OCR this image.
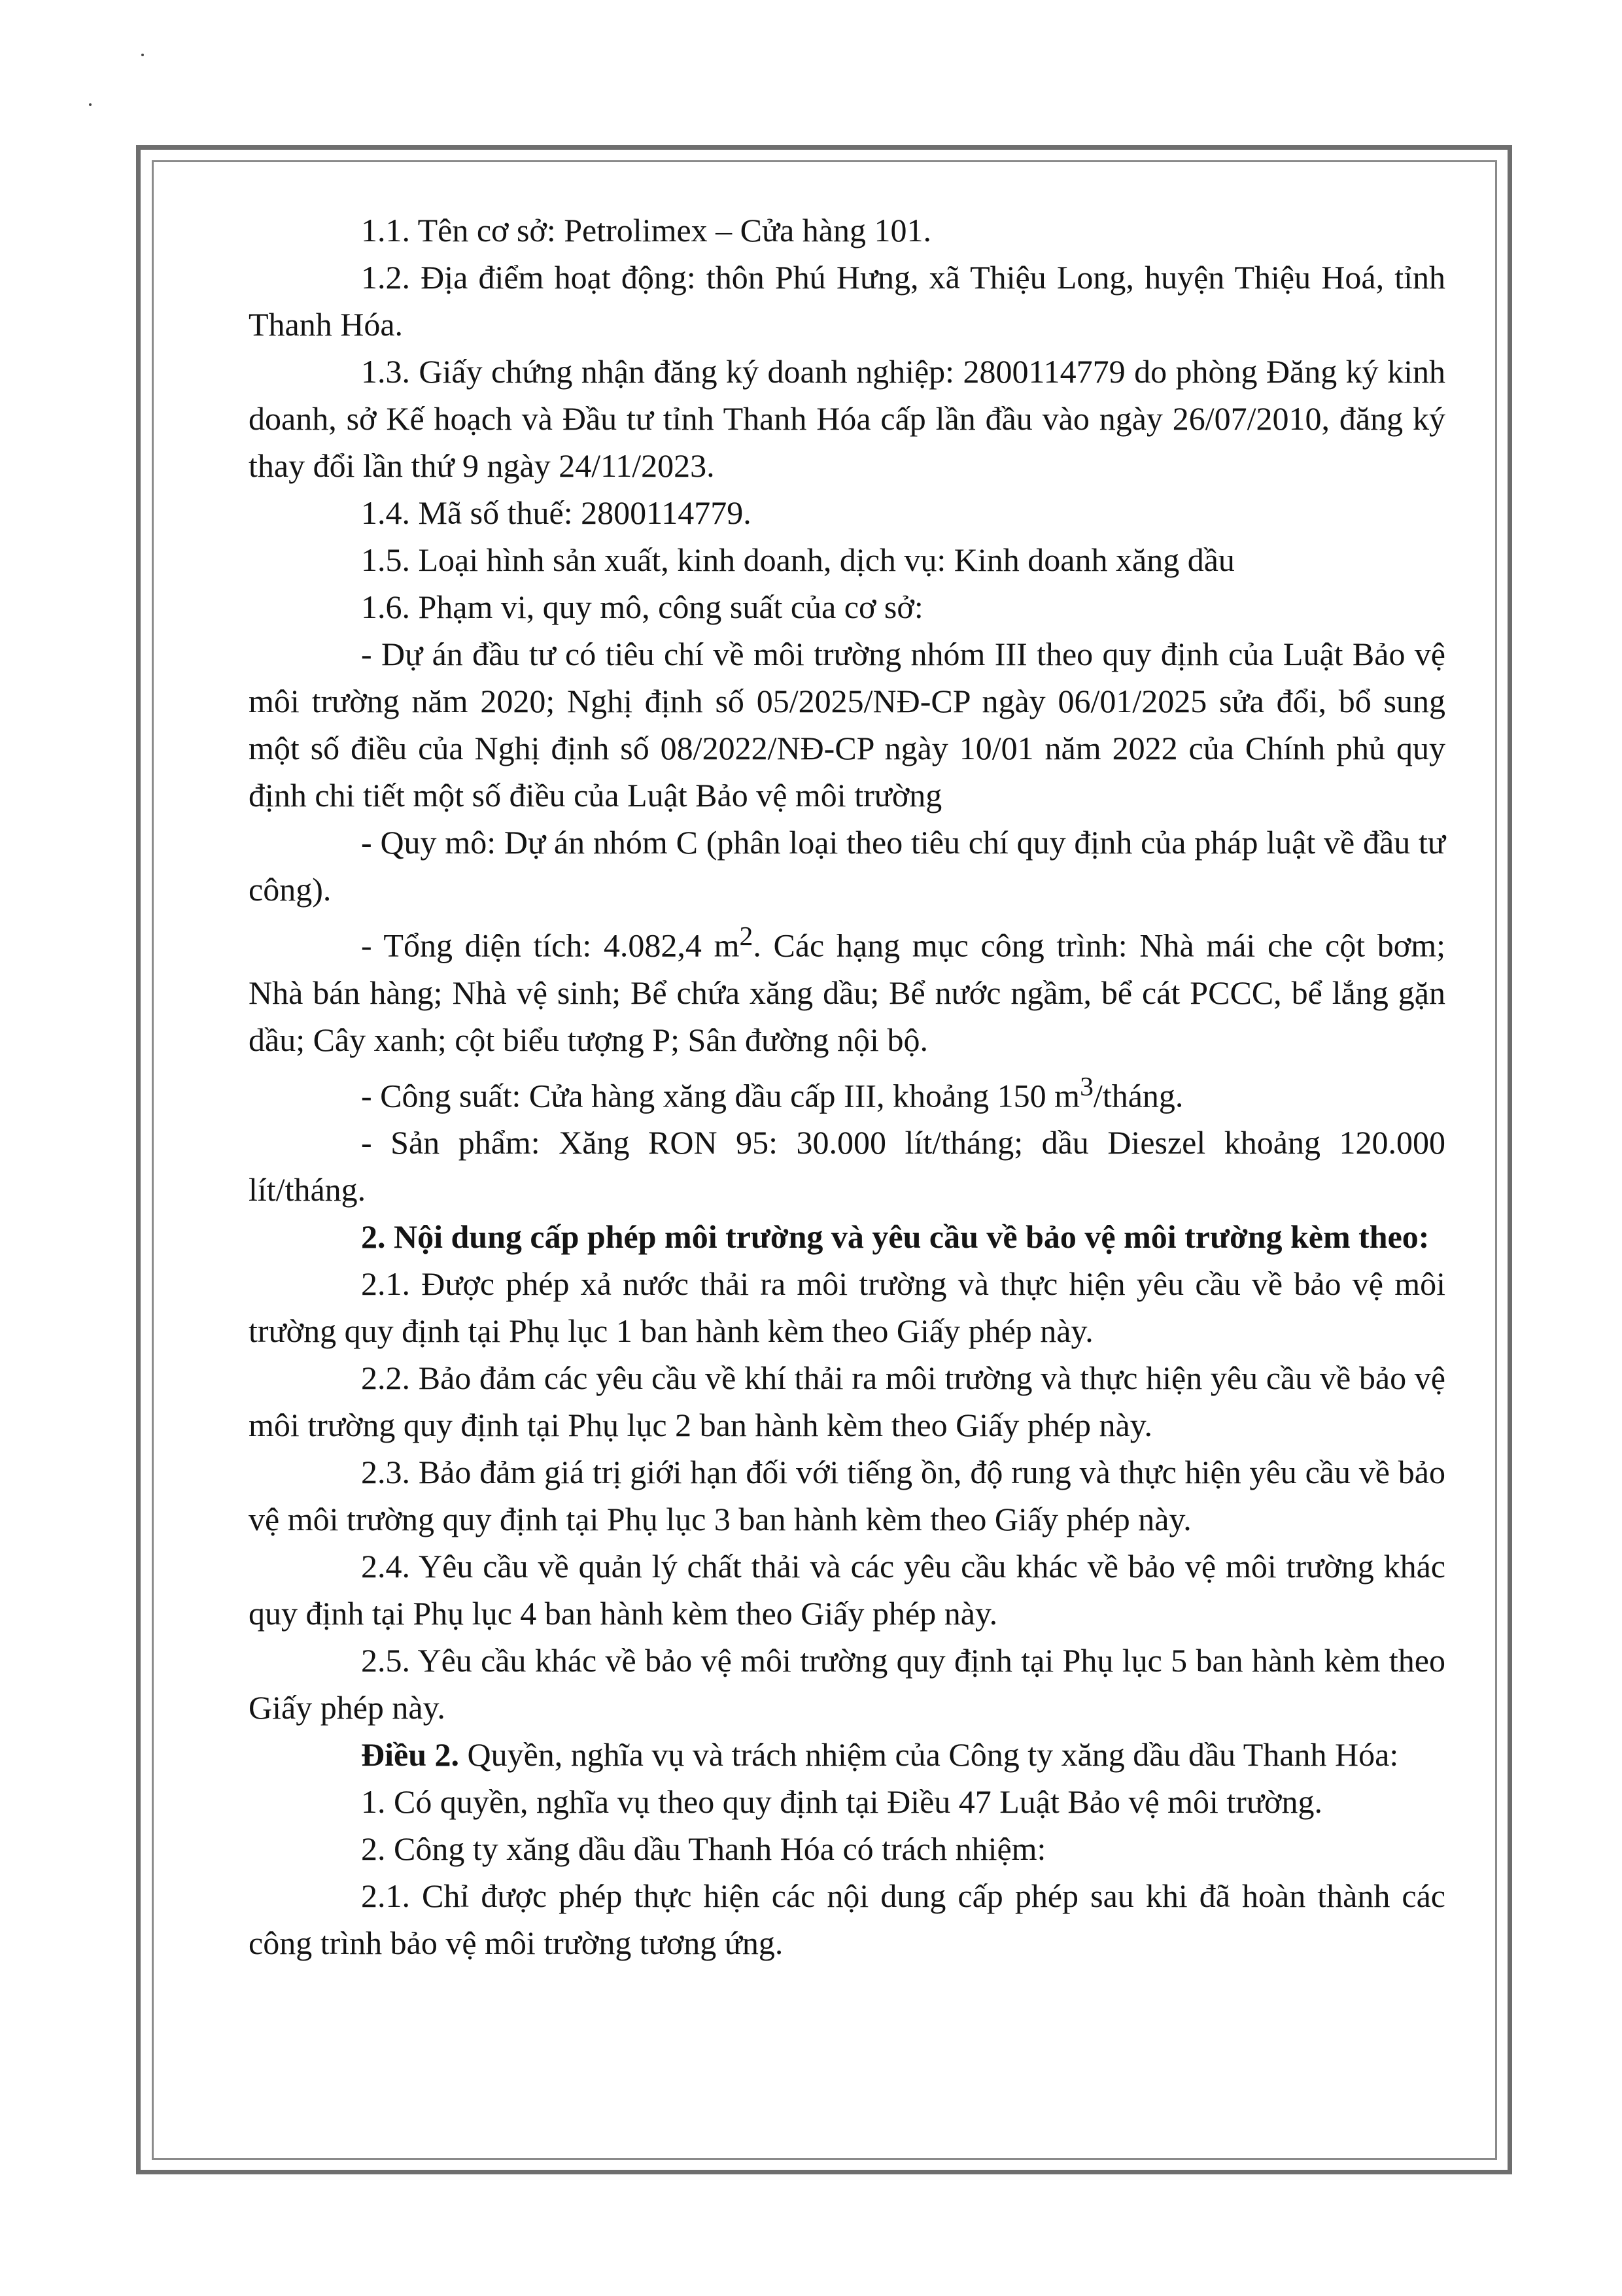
1.1. Tên cơ sở: Petrolimex – Cửa hàng 101.

1.2. Địa điểm hoạt động: thôn Phú Hưng, xã Thiệu Long, huyện Thiệu Hoá, tỉnh Thanh Hóa.

1.3. Giấy chứng nhận đăng ký doanh nghiệp: 2800114779 do phòng Đăng ký kinh doanh, sở Kế hoạch và Đầu tư tỉnh Thanh Hóa cấp lần đầu vào ngày 26/07/2010, đăng ký thay đổi lần thứ 9 ngày 24/11/2023.

1.4. Mã số thuế: 2800114779.

1.5. Loại hình sản xuất, kinh doanh, dịch vụ: Kinh doanh xăng dầu

1.6. Phạm vi, quy mô, công suất của cơ sở:

- Dự án đầu tư có tiêu chí về môi trường nhóm III theo quy định của Luật Bảo vệ môi trường năm 2020; Nghị định số 05/2025/NĐ-CP ngày 06/01/2025 sửa đổi, bổ sung một số điều của Nghị định số 08/2022/NĐ-CP ngày 10/01 năm 2022 của Chính phủ quy định chi tiết một số điều của Luật Bảo vệ môi trường

- Quy mô: Dự án nhóm C (phân loại theo tiêu chí quy định của pháp luật về đầu tư công).

- Tổng diện tích: 4.082,4 $m^2$. Các hạng mục công trình: Nhà mái che cột bơm; Nhà bán hàng; Nhà vệ sinh; Bể chứa xăng dầu; Bể nước ngầm, bể cát PCCC, bể lắng gặn dầu; Cây xanh; cột biểu tượng P; Sân đường nội bộ.

- Công suất: Cửa hàng xăng dầu cấp III, khoảng 150 $m^3$/tháng.

- Sản phẩm: Xăng RON 95: 30.000 lít/tháng; dầu Dieszel khoảng 120.000 lít/tháng.

2. Nội dung cấp phép môi trường và yêu cầu về bảo vệ môi trường kèm theo:

2.1. Được phép xả nước thải ra môi trường và thực hiện yêu cầu về bảo vệ môi trường quy định tại Phụ lục 1 ban hành kèm theo Giấy phép này.

2.2. Bảo đảm các yêu cầu về khí thải ra môi trường và thực hiện yêu cầu về bảo vệ môi trường quy định tại Phụ lục 2 ban hành kèm theo Giấy phép này.

2.3. Bảo đảm giá trị giới hạn đối với tiếng ồn, độ rung và thực hiện yêu cầu về bảo vệ môi trường quy định tại Phụ lục 3 ban hành kèm theo Giấy phép này.

2.4. Yêu cầu về quản lý chất thải và các yêu cầu khác về bảo vệ môi trường khác quy định tại Phụ lục 4 ban hành kèm theo Giấy phép này.

2.5. Yêu cầu khác về bảo vệ môi trường quy định tại Phụ lục 5 ban hành kèm theo Giấy phép này.

Điều 2. Quyền, nghĩa vụ và trách nhiệm của Công ty xăng dầu dầu Thanh Hóa:

1. Có quyền, nghĩa vụ theo quy định tại Điều 47 Luật Bảo vệ môi trường.

2. Công ty xăng dầu dầu Thanh Hóa có trách nhiệm:

2.1. Chỉ được phép thực hiện các nội dung cấp phép sau khi đã hoàn thành các công trình bảo vệ môi trường tương ứng.
